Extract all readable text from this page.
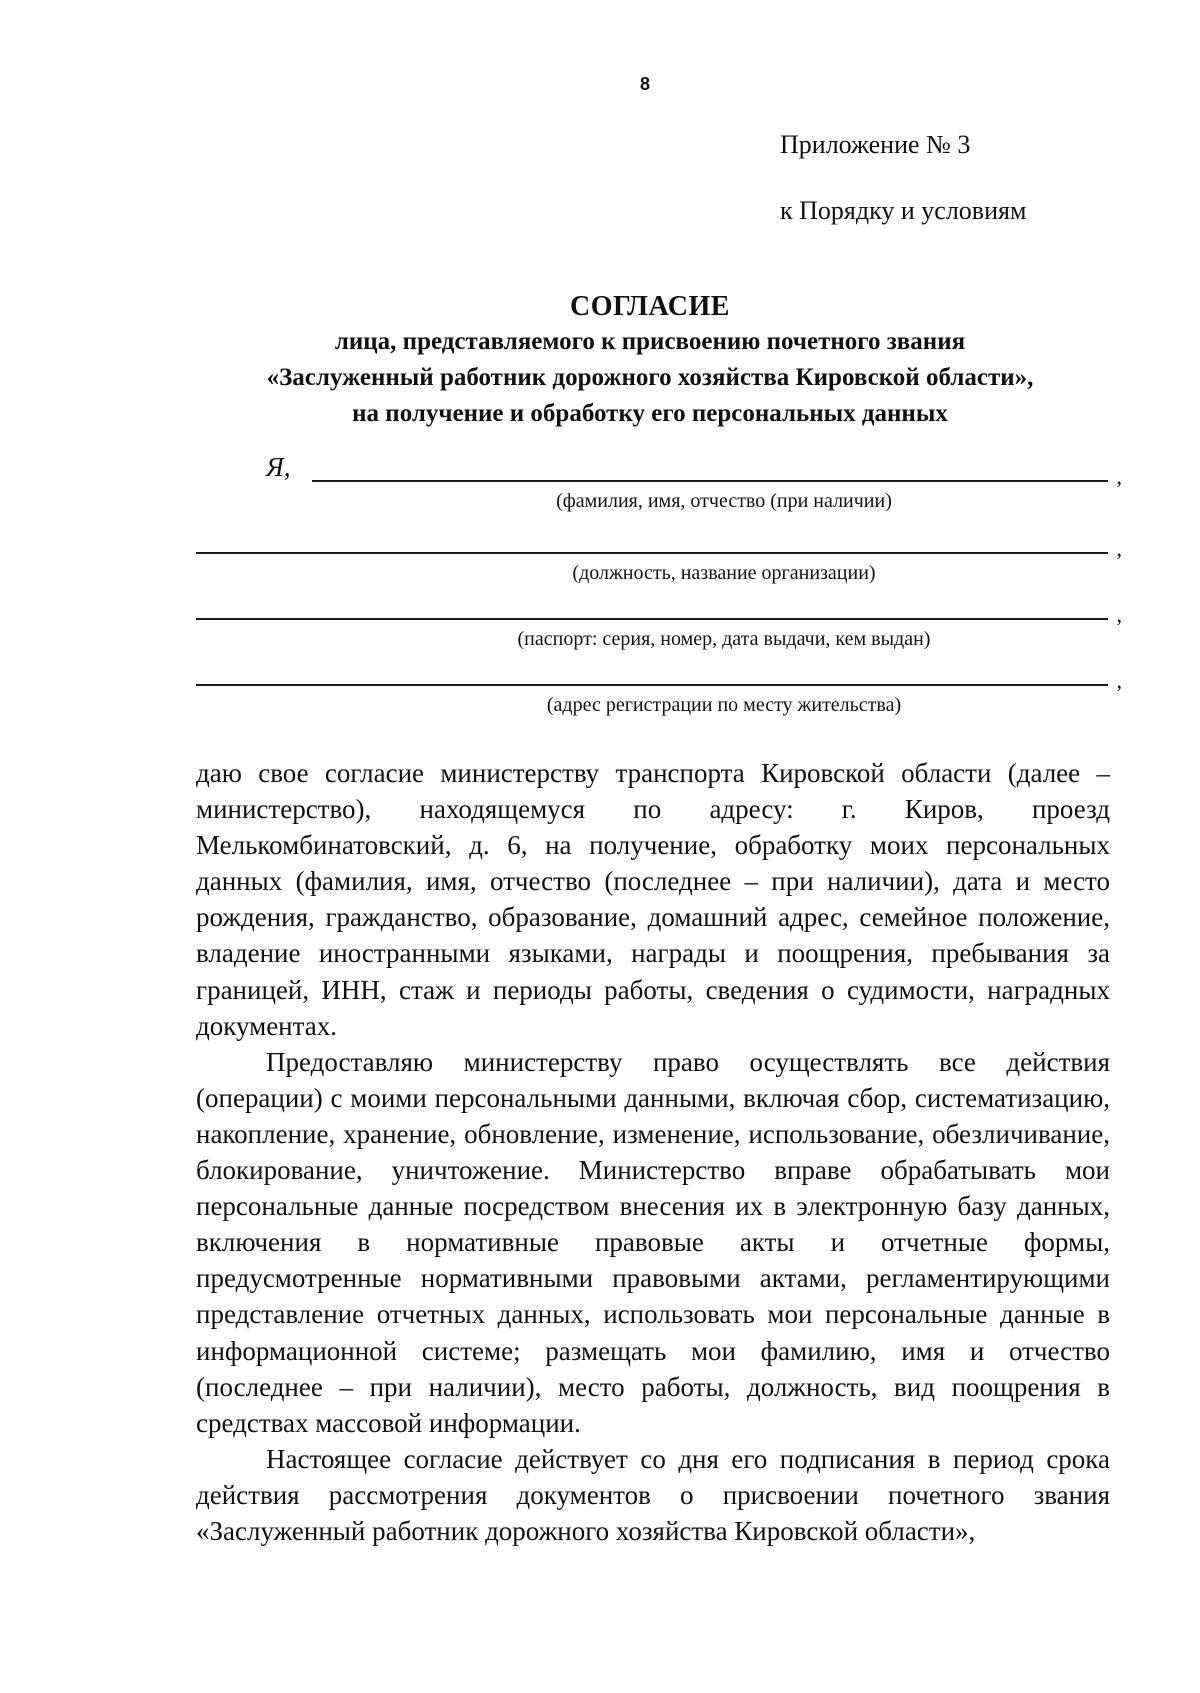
8
Приложение № 3
к Порядку и условиям
СОГЛАСИЕ
лица, представляемого к присвоению почетного звания
«Заслуженный работник дорожного хозяйства Кировской области»,
на получение и обработку его персональных данных
Я,	,
(фамилия, имя, отчество (при наличии)
,
(должность, название организации)
,
(паспорт: серия, номер, дата выдачи, кем выдан)
,
(адрес регистрации по месту жительства)

даю свое согласие министерству транспорта Кировской области (далее – министерство), находящемуся по адресу: г. Киров, проезд Мелькомбинатовский, д. 6, на получение, обработку моих персональных данных (фамилия, имя, отчество (последнее – при наличии), дата и место рождения, гражданство, образование, домашний адрес, семейное положение, владение иностранными языками, награды и поощрения, пребывания за границей, ИНН, стаж и периоды работы, сведения о судимости, наградных документах.

Предоставляю министерству право осуществлять все действия (операции) с моими персональными данными, включая сбор, систематизацию, накопление, хранение, обновление, изменение, использование, обезличивание, блокирование, уничтожение. Министерство вправе обрабатывать мои персональные данные посредством внесения их в электронную базу данных, включения в нормативные правовые акты и отчетные формы, предусмотренные нормативными правовыми актами, регламентирующими представление отчетных данных, использовать мои персональные данные в информационной системе; размещать мои фамилию, имя и отчество (последнее – при наличии), место работы, должность, вид поощрения в средствах массовой информации.

Настоящее согласие действует со дня его подписания в период срока действия рассмотрения документов о присвоении почетного звания «Заслуженный работник дорожного хозяйства Кировской области»,
